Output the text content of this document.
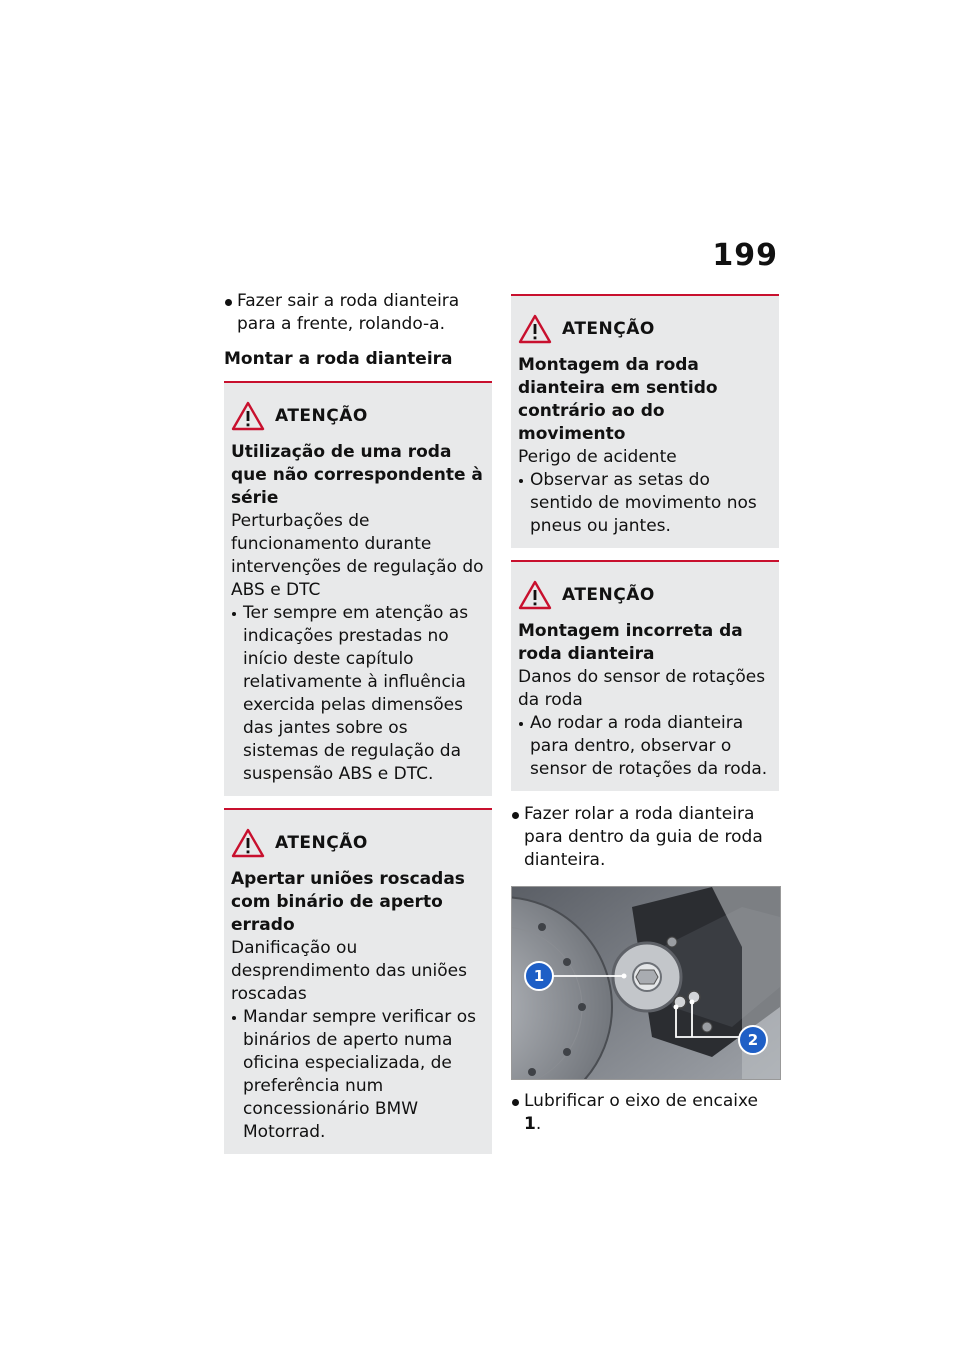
199
Fazer sair a roda dianteira para a frente, rolando-a.
Montar a roda dianteira
ATENÇÃO

Utilização de uma roda que não correspondente à série

Perturbações de funcionamento durante intervenções de regulação do ABS e DTC

Ter sempre em atenção as indicações prestadas no início deste capítulo relativamente à influência exercida pelas dimensões das jantes sobre os sistemas de regulação da suspensão ABS e DTC.
ATENÇÃO

Apertar uniões roscadas com binário de aperto errado

Danificação ou desprendimento das uniões roscadas

Mandar sempre verificar os binários de aperto numa oficina especializada, de preferência num concessionário BMW Motorrad.
ATENÇÃO

Montagem da roda dianteira em sentido contrário ao do movimento

Perigo de acidente

Observar as setas do sentido de movimento nos pneus ou jantes.
ATENÇÃO

Montagem incorreta da roda dianteira

Danos do sensor de rotações da roda

Ao rodar a roda dianteira para dentro, observar o sensor de rotações da roda.
Fazer rolar a roda dianteira para dentro da guia de roda dianteira.
1
2
Lubrificar o eixo de encaixe 1.
